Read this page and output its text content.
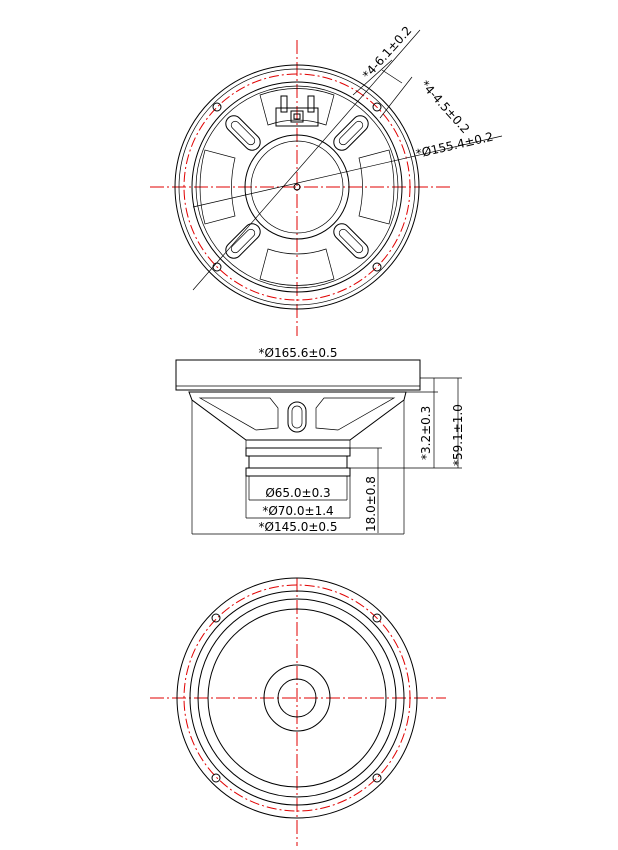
*4-6.1±0.2
*4-4.5±0.2
*Ø155.4±0.2
*Ø165.6±0.5
*3.2±0.3 *59.1±1.0
18.0±0.8
Ø65.0±0.3
*Ø70.0±1.4
*Ø145.0±0.5
